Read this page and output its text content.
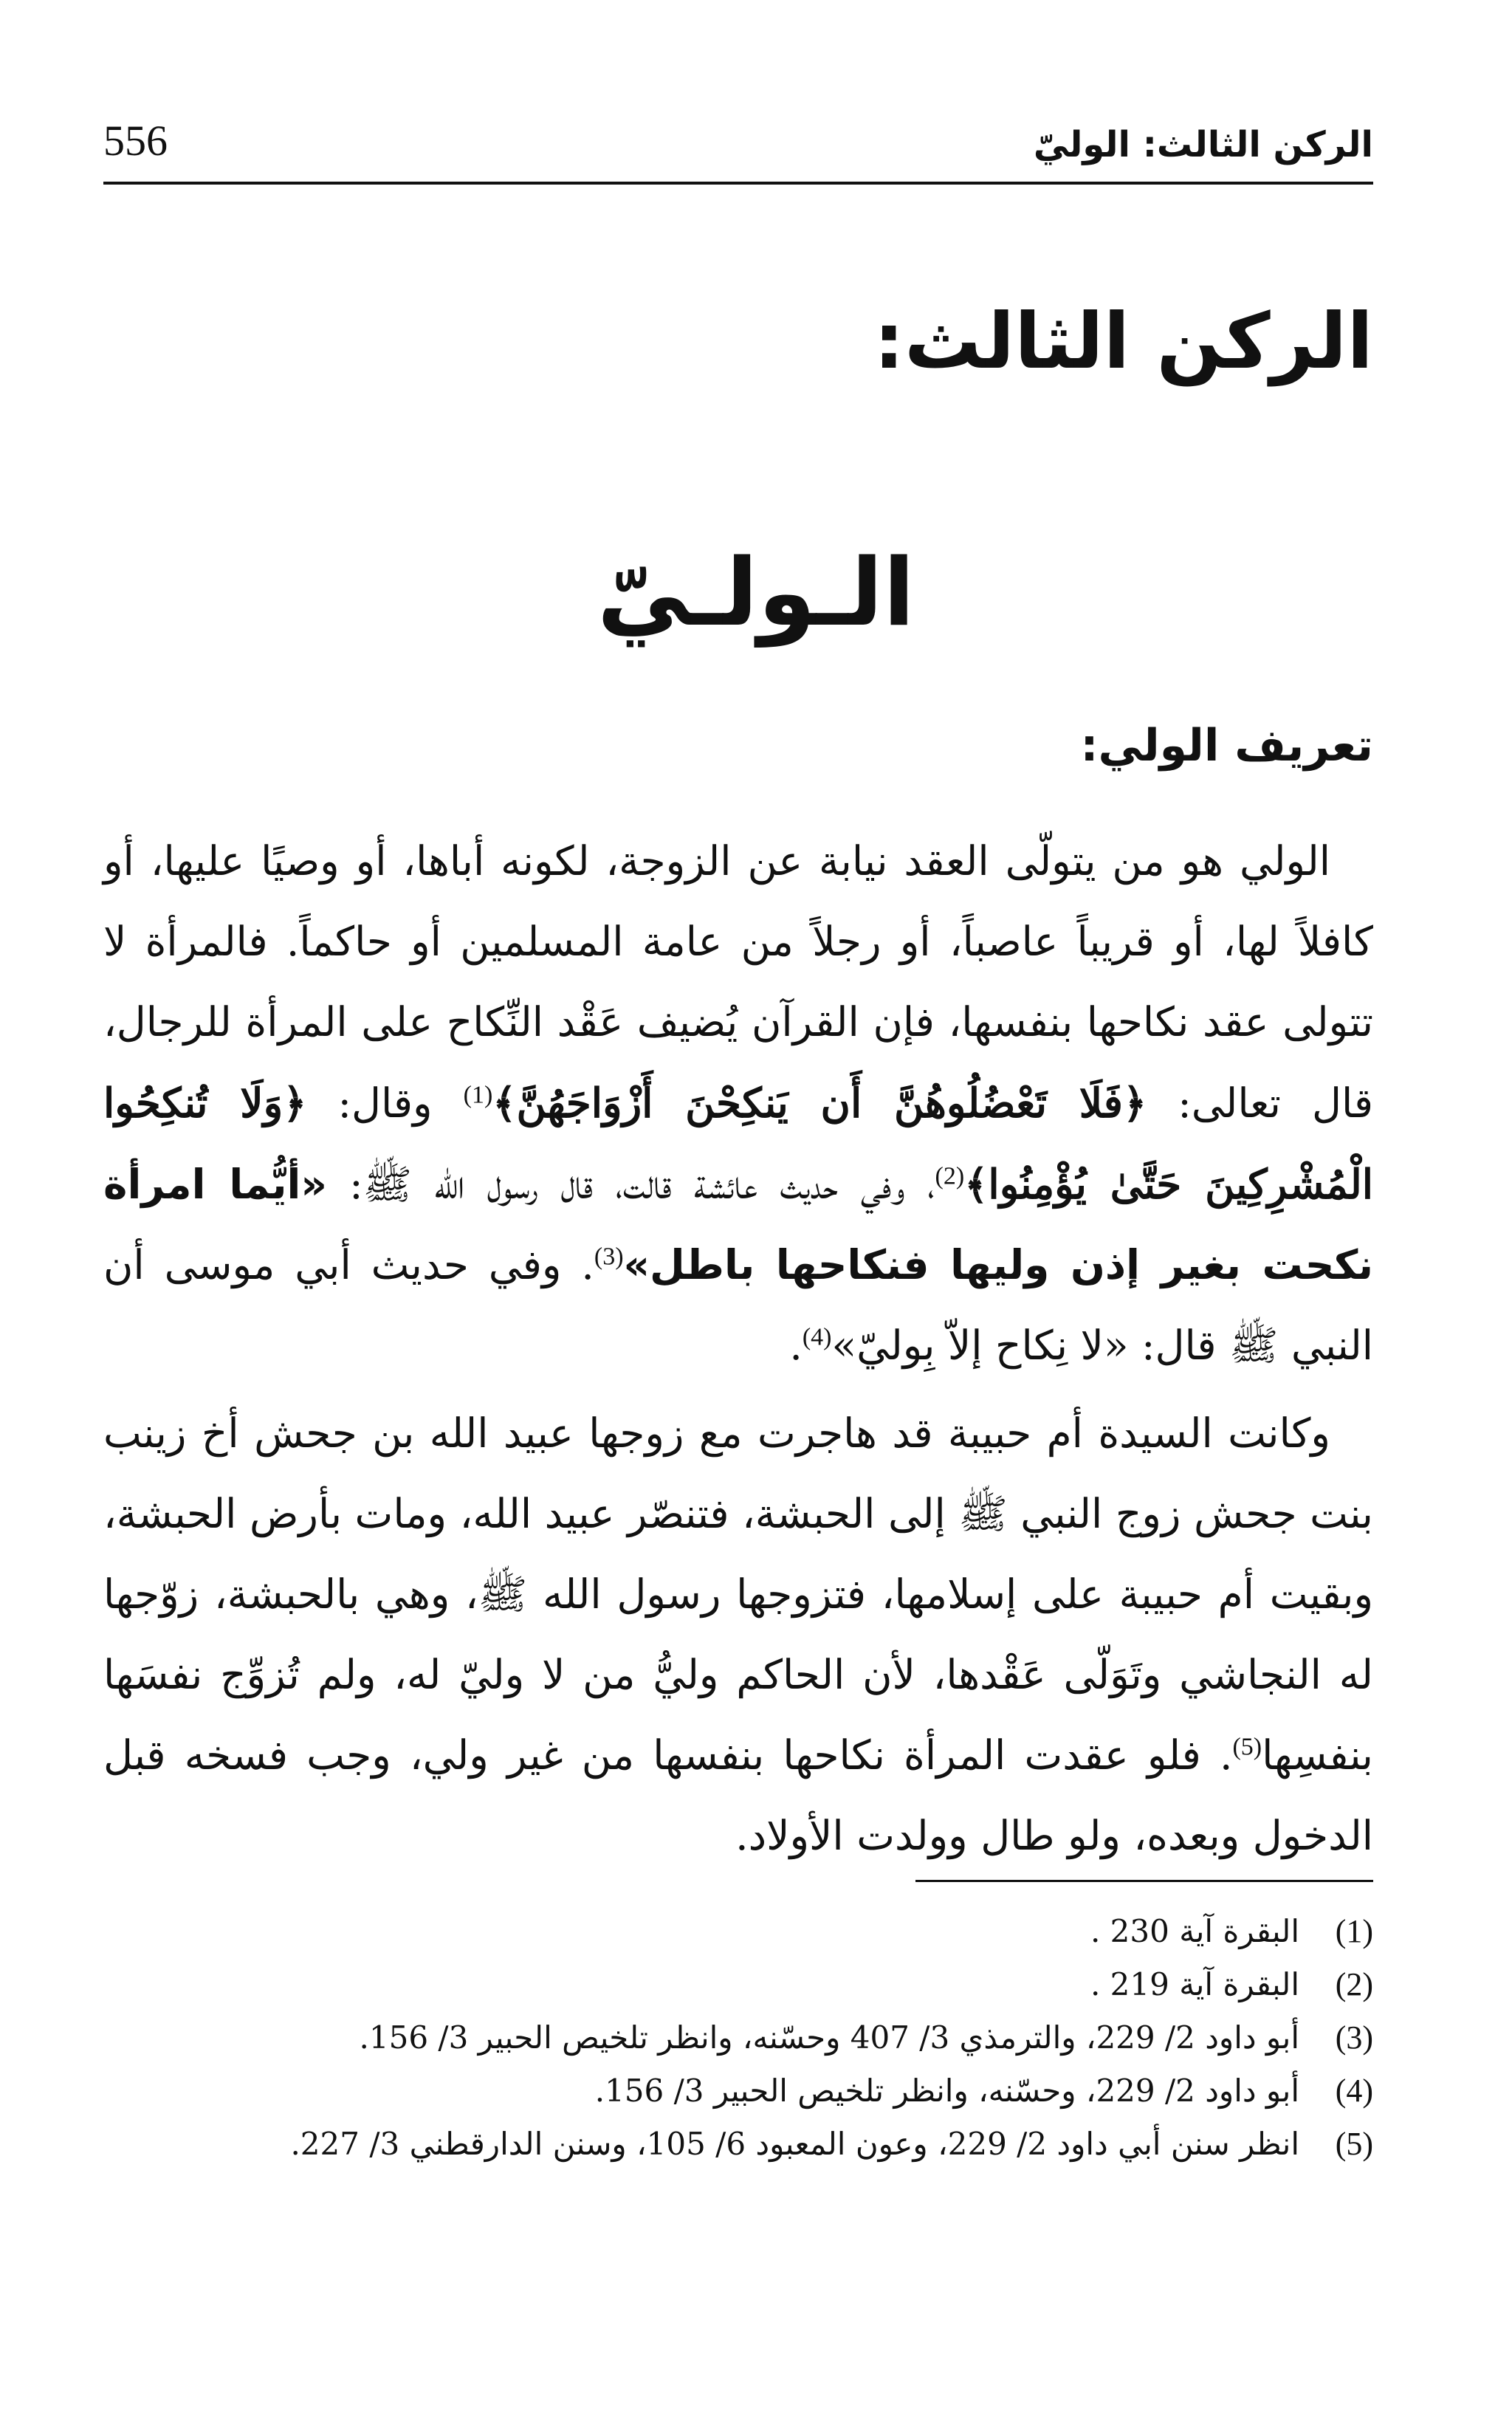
الركن الثالث: الوليّ
556
الركن الثالث:
الـولـيّ
تعريف الولي:

الولي هو من يتولّى العقد نيابة عن الزوجة، لكونه أباها، أو وصيًا عليها، أو كافلاً لها، أو قريباً عاصباً، أو رجلاً من عامة المسلمين أو حاكماً. فالمرأة لا تتولى عقد نكاحها بنفسها، فإن القرآن يُضيف عَقْد النِّكاح على المرأة للرجال، قال تعالى: ﴿فَلَا تَعْضُلُوهُنَّ أَن يَنكِحْنَ أَزْوَاجَهُنَّ﴾$^{(1)}$ وقال: ﴿وَلَا تُنكِحُوا الْمُشْرِكِينَ حَتَّىٰ يُؤْمِنُوا﴾$^{(2)}$، وفي حديث عائشة قالت، قال رسول الله ﷺ: «أيُّما امرأة نكحت بغير إذن وليها فنكاحها باطل»$^{(3)}$. وفي حديث أبي موسى أن النبي ﷺ قال: «لا نِكاح إلاّ بِوليّ»$^{(4)}$.

وكانت السيدة أم حبيبة قد هاجرت مع زوجها عبيد الله بن جحش أخ زينب بنت جحش زوج النبي ﷺ إلى الحبشة، فتنصّر عبيد الله، ومات بأرض الحبشة، وبقيت أم حبيبة على إسلامها، فتزوجها رسول الله ﷺ، وهي بالحبشة، زوّجها له النجاشي وتَوَلّى عَقْدها، لأن الحاكم وليُّ من لا وليّ له، ولم تُزوِّج نفسَها بنفسِها$^{(5)}$. فلو عقدت المرأة نكاحها بنفسها من غير ولي، وجب فسخه قبل الدخول وبعده، ولو طال وولدت الأولاد.

(1)
البقرة آية 230 .
(2)
البقرة آية 219 .
(3)
أبو داود 2/ 229، والترمذي 3/ 407 وحسّنه، وانظر تلخيص الحبير 3/ 156.
(4)
أبو داود 2/ 229، وحسّنه، وانظر تلخيص الحبير 3/ 156.
(5)
انظر سنن أبي داود 2/ 229، وعون المعبود 6/ 105، وسنن الدارقطني 3/ 227.
